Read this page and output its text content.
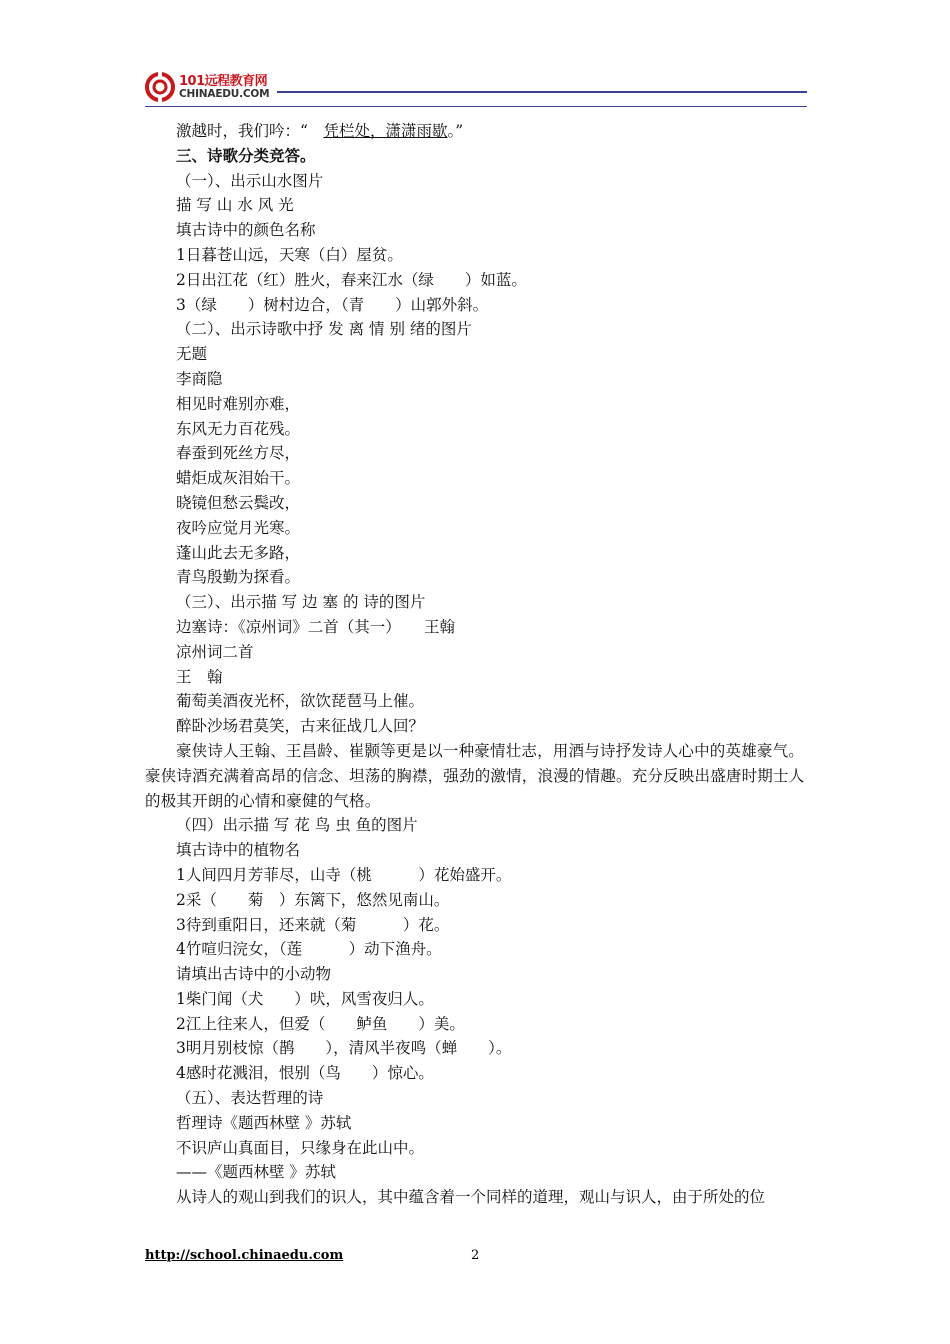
101远程教育网
CHINAEDU.COM
激越时，我们吟：“　凭栏处，潇潇雨歇。”
三、诗歌分类竞答。
（一）、出示山水图片
描 写 山 水 风 光
填古诗中的颜色名称
1日暮苍山远，天寒（白）屋贫。
2日出江花（红）胜火，春来江水（绿　　）如蓝。
3（绿　　）树村边合，（青　　）山郭外斜。
（二）、出示诗歌中抒 发 离 情 别 绪的图片
无题
李商隐
相见时难别亦难，
东风无力百花残。
春蚕到死丝方尽，
蜡炬成灰泪始干。
晓镜但愁云鬓改，
夜吟应觉月光寒。
蓬山此去无多路，
青鸟殷勤为探看。
（三）、出示描 写 边 塞 的 诗的图片
边塞诗：《凉州词》二首（其一）　　王翰
凉州词二首
王　翰
葡萄美酒夜光杯，欲饮琵琶马上催。
醉卧沙场君莫笑，古来征战几人回？
豪侠诗人王翰、王昌龄、崔颢等更是以一种豪情壮志，用酒与诗抒发诗人心中的英雄豪气。豪侠诗酒充满着高昂的信念、坦荡的胸襟，强劲的激情，浪漫的情趣。充分反映出盛唐时期士人的极其开朗的心情和豪健的气格。
（四）出示描 写 花 鸟 虫 鱼的图片
填古诗中的植物名
1人间四月芳菲尽，山寺（桃　　　）花始盛开。
2采（　　菊　）东篱下，悠然见南山。
3待到重阳日，还来就（菊　　　）花。
4竹喧归浣女，（莲　　　）动下渔舟。
请填出古诗中的小动物
1柴门闻（犬　　）吠，风雪夜归人。
2江上往来人，但爱（　　鲈鱼　　）美。
3明月别枝惊（鹊　　），清风半夜鸣（蝉　　）。
4感时花溅泪，恨别（鸟　　）惊心。
（五）、表达哲理的诗
哲理诗《题西林壁 》苏轼
不识庐山真面目，只缘身在此山中。
——《题西林壁 》苏轼
从诗人的观山到我们的识人，其中蕴含着一个同样的道理，观山与识人，由于所处的位
http://school.chinaedu.com	2
